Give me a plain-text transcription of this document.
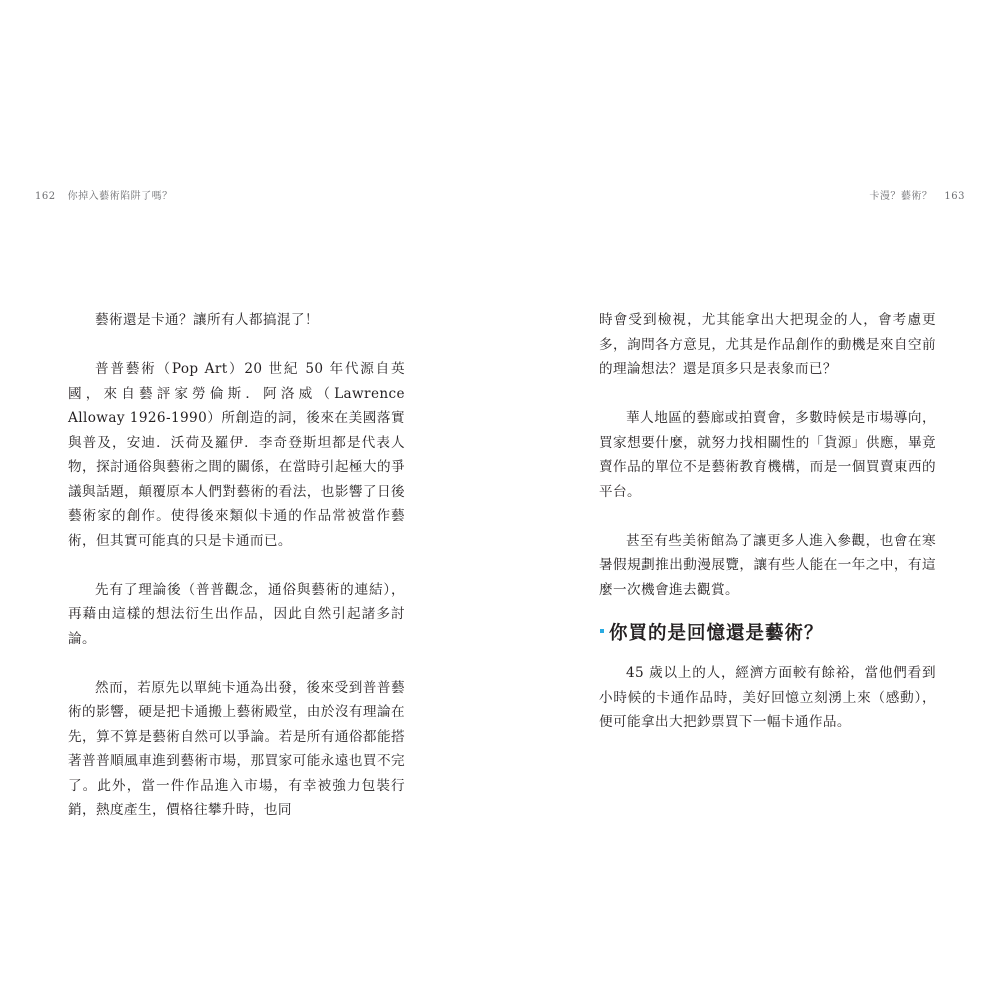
162 你掉入藝術陷阱了嗎？

藝術還是卡通？讓所有人都搞混了！

普普藝術（Pop Art）20 世紀 50 年代源自英國，來自藝評家勞倫斯．阿洛威（Lawrence Alloway 1926-1990）所創造的詞，後來在美國落實與普及，安迪．沃荷及羅伊．李奇登斯坦都是代表人物，探討通俗與藝術之間的關係，在當時引起極大的爭議與話題，顛覆原本人們對藝術的看法，也影響了日後藝術家的創作。使得後來類似卡通的作品常被當作藝術，但其實可能真的只是卡通而已。

先有了理論後（普普觀念，通俗與藝術的連結），再藉由這樣的想法衍生出作品，因此自然引起諸多討論。

然而，若原先以單純卡通為出發，後來受到普普藝術的影響，硬是把卡通搬上藝術殿堂，由於沒有理論在先，算不算是藝術自然可以爭論。若是所有通俗都能搭著普普順風車進到藝術市場，那買家可能永遠也買不完了。此外，當一件作品進入市場，有幸被強力包裝行銷，熱度產生，價格往攀升時，也同

卡漫？藝術？ 163

時會受到檢視，尤其能拿出大把現金的人，會考慮更多，詢問各方意見，尤其是作品創作的動機是來自空前的理論想法？還是頂多只是表象而已？

華人地區的藝廊或拍賣會，多數時候是市場導向，買家想要什麼，就努力找相關性的「貨源」供應，畢竟賣作品的單位不是藝術教育機構，而是一個買賣東西的平台。

甚至有些美術館為了讓更多人進入參觀，也會在寒暑假規劃推出動漫展覽，讓有些人能在一年之中，有這麼一次機會進去觀賞。

你買的是回憶還是藝術？

45 歲以上的人，經濟方面較有餘裕，當他們看到小時候的卡通作品時，美好回憶立刻湧上來（感動），便可能拿出大把鈔票買下一幅卡通作品。
